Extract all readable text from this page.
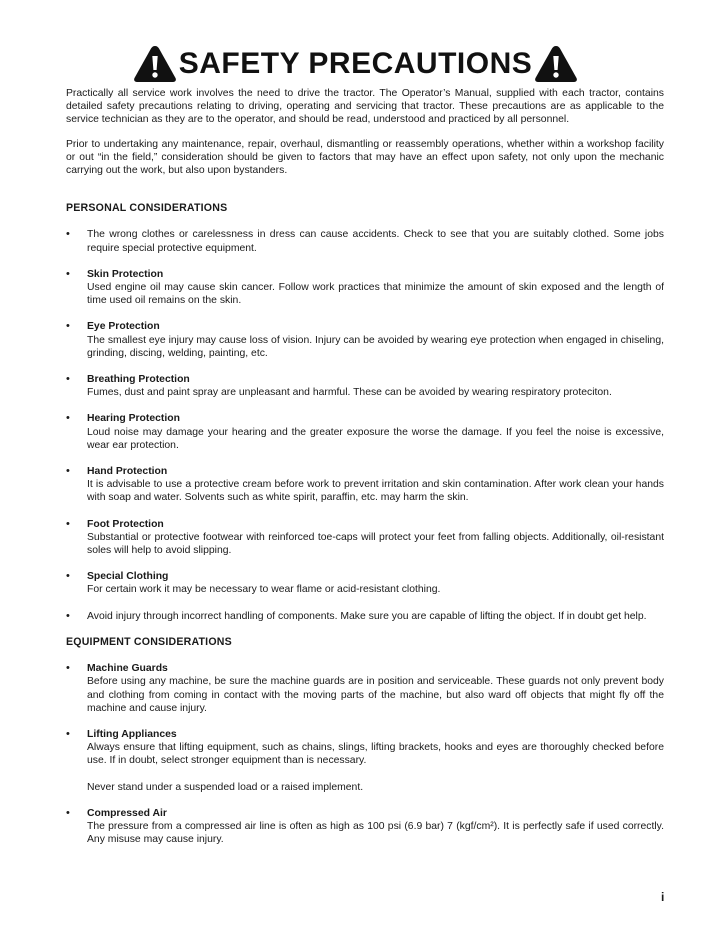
SAFETY PRECAUTIONS

Practically all service work involves the need to drive the tractor. The Operator’s Manual, supplied with each tractor, contains detailed safety precautions relating to driving, operating and servicing that tractor. These precautions are as applicable to the service technician as they are to the operator, and should be read, understood and practiced by all personnel.

Prior to undertaking any maintenance, repair, overhaul, dismantling or reassembly operations, whether within a workshop facility or out “in the field,” consideration should be given to factors that may have an effect upon safety, not only upon the mechanic carrying out the work, but also upon bystanders.

PERSONAL CONSIDERATIONS
• The wrong clothes or carelessness in dress can cause accidents. Check to see that you are suitably clothed. Some jobs require special protective equipment.
• Skin Protection
Used engine oil may cause skin cancer. Follow work practices that minimize the amount of skin exposed and the length of time used oil remains on the skin.
• Eye Protection
The smallest eye injury may cause loss of vision. Injury can be avoided by wearing eye protection when engaged in chiseling, grinding, discing, welding, painting, etc.
• Breathing Protection
Fumes, dust and paint spray are unpleasant and harmful. These can be avoided by wearing respiratory proteciton.
• Hearing Protection
Loud noise may damage your hearing and the greater exposure the worse the damage. If you feel the noise is excessive, wear ear protection.
• Hand Protection
It is advisable to use a protective cream before work to prevent irritation and skin contamination. After work clean your hands with soap and water. Solvents such as white spirit, paraffin, etc. may harm the skin.
• Foot Protection
Substantial or protective footwear with reinforced toe-caps will protect your feet from falling objects. Additionally, oil-resistant soles will help to avoid slipping.
• Special Clothing
For certain work it may be necessary to wear flame or acid-resistant clothing.
• Avoid injury through incorrect handling of components. Make sure you are capable of lifting the object. If in doubt get help.
EQUIPMENT CONSIDERATIONS
• Machine Guards
Before using any machine, be sure the machine guards are in position and serviceable. These guards not only prevent body and clothing from coming in contact with the moving parts of the machine, but also ward off objects that might fly off the machine and cause injury.
• Lifting Appliances
Always ensure that lifting equipment, such as chains, slings, lifting brackets, hooks and eyes are thoroughly checked before use. If in doubt, select stronger equipment than is necessary.
Never stand under a suspended load or a raised implement.
• Compressed Air
The pressure from a compressed air line is often as high as 100 psi (6.9 bar) 7 (kgf/cm²). It is perfectly safe if used correctly. Any misuse may cause injury.
i
